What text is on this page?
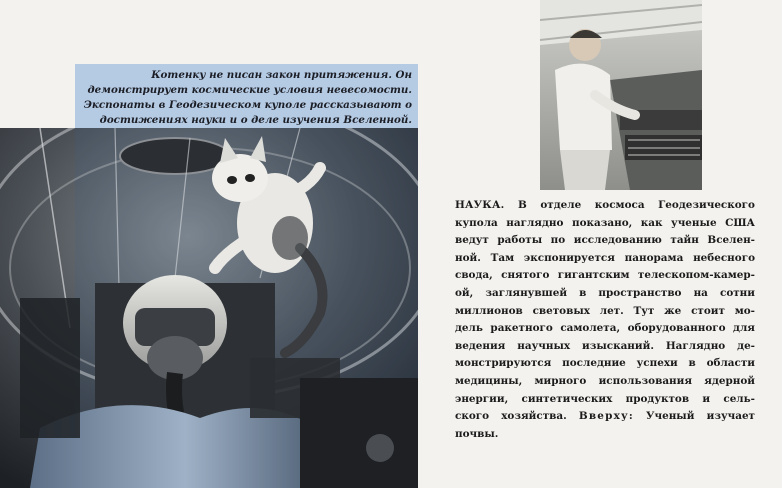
Котенку не писан закон притяжения. Он
демонстрирует космические условия невесомости.
Экспонаты в Геодезическом куполе рассказывают о
достижениях науки и о деле изучения Вселенной.
НАУКА. В отделе космоса Геодезического
купола наглядно показано, как ученые США
ведут работы по исследованию тайн Вселен-
ной. Там экспонируется панорама небесного
свода, снятого гигантским телескопом-камер-
ой, заглянувшей в пространство на сотни
миллионов световых лет. Тут же стоит мо-
дель ракетного самолета, оборудованного для
ведения научных изысканий. Наглядно де-
монстрируются последние успехи в области
медицины, мирного использования ядерной
энергии, синтетических продуктов и сель-
ского хозяйства. Вверху: Ученый изучает
почвы.
